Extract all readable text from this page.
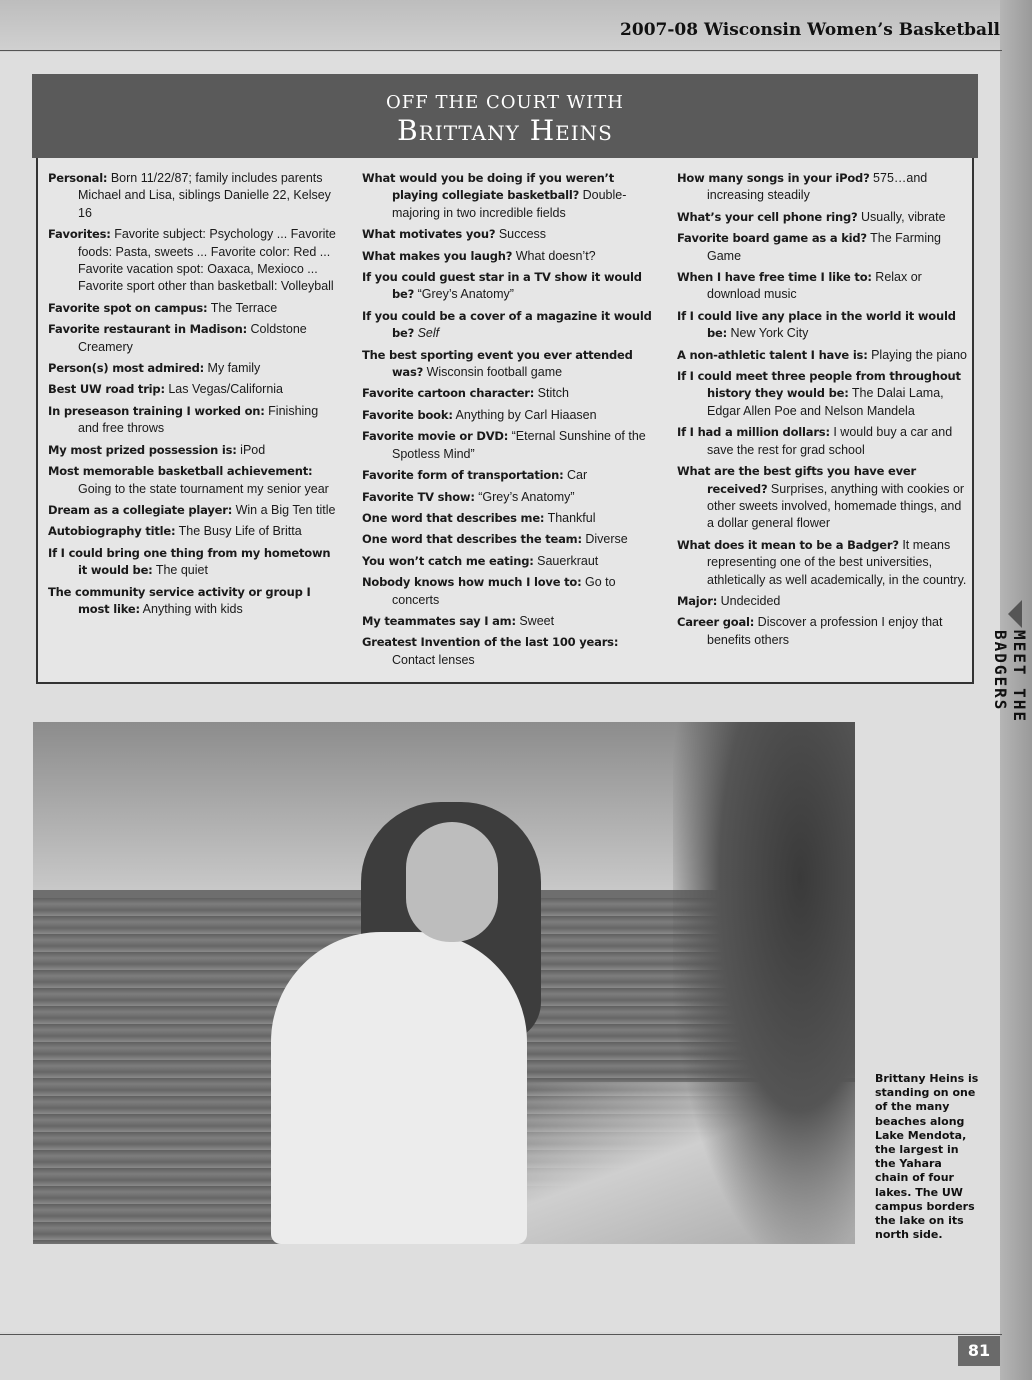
2007-08 Wisconsin Women’s Basketball
OFF THE COURT WITH
Brittany Heins
Personal: Born 11/22/87; family includes parents Michael and Lisa, siblings Danielle 22, Kelsey 16
Favorites: Favorite subject: Psychology ... Favorite foods: Pasta, sweets ... Favorite color: Red ... Favorite vacation spot: Oaxaca, Mexioco ... Favorite sport other than basketball: Volleyball
Favorite spot on campus: The Terrace
Favorite restaurant in Madison: Coldstone Creamery
Person(s) most admired: My family
Best UW road trip: Las Vegas/California
In preseason training I worked on: Finishing and free throws
My most prized possession is: iPod
Most memorable basketball achievement: Going to the state tournament my senior year
Dream as a collegiate player: Win a Big Ten title
Autobiography title: The Busy Life of Britta
If I could bring one thing from my hometown it would be: The quiet
The community service activity or group I most like: Anything with kids
What would you be doing if you weren’t playing collegiate basketball? Double-majoring in two incredible fields
What motivates you? Success
What makes you laugh? What doesn’t?
If you could guest star in a TV show it would be? “Grey’s Anatomy”
If you could be a cover of a magazine it would be? Self
The best sporting event you ever attended was? Wisconsin football game
Favorite cartoon character: Stitch
Favorite book: Anything by Carl Hiaasen
Favorite movie or DVD: “Eternal Sunshine of the Spotless Mind”
Favorite form of transportation: Car
Favorite TV show: “Grey’s Anatomy”
One word that describes me: Thankful
One word that describes the team: Diverse
You won’t catch me eating: Sauerkraut
Nobody knows how much I love to: Go to concerts
My teammates say I am: Sweet
Greatest Invention of the last 100 years: Contact lenses
How many songs in your iPod? 575…and increasing steadily
What’s your cell phone ring? Usually, vibrate
Favorite board game as a kid? The Farming Game
When I have free time I like to: Relax or download music
If I could live any place in the world it would be: New York City
A non-athletic talent I have is: Playing the piano
If I could meet three people from throughout history they would be: The Dalai Lama, Edgar Allen Poe and Nelson Mandela
If I had a million dollars: I would buy a car and save the rest for grad school
What are the best gifts you have ever received? Surprises, anything with cookies or other sweets involved, homemade things, and a dollar general flower
What does it mean to be a Badger? It means representing one of the best universities, athletically as well academically, in the country.
Major: Undecided
Career goal: Discover a profession I enjoy that benefits others
Brittany Heins is standing on one of the many beaches along Lake Mendota, the largest in the Yahara chain of four lakes. The UW campus borders the lake on its north side.
MEET THE BADGERS
81
